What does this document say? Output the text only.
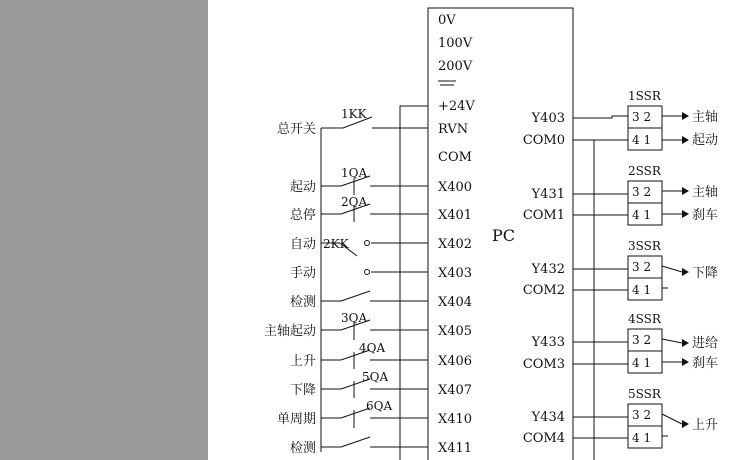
0V
100V
200V
+24V
RVN
COM
X400
X401
X402
X403
X404
X405
X406
X407
X410
X411
PC
Y403
COM0
Y431
COM1
Y432
COM2
Y433
COM3
Y434
COM4
1KK
1QA
2QA
2KK
3QA
4QA
5QA
6QA
总开关
起动
总停
自动
手动
检测
主轴起动
上升
下降
单周期
检测
1SSR
3 2
4 1
主轴
起动
2SSR
3 2
4 1
主轴
刹车
3SSR
3 2
4 1
下降
4SSR
3 2
4 1
进给
刹车
5SSR
3 2
4 1
上升
